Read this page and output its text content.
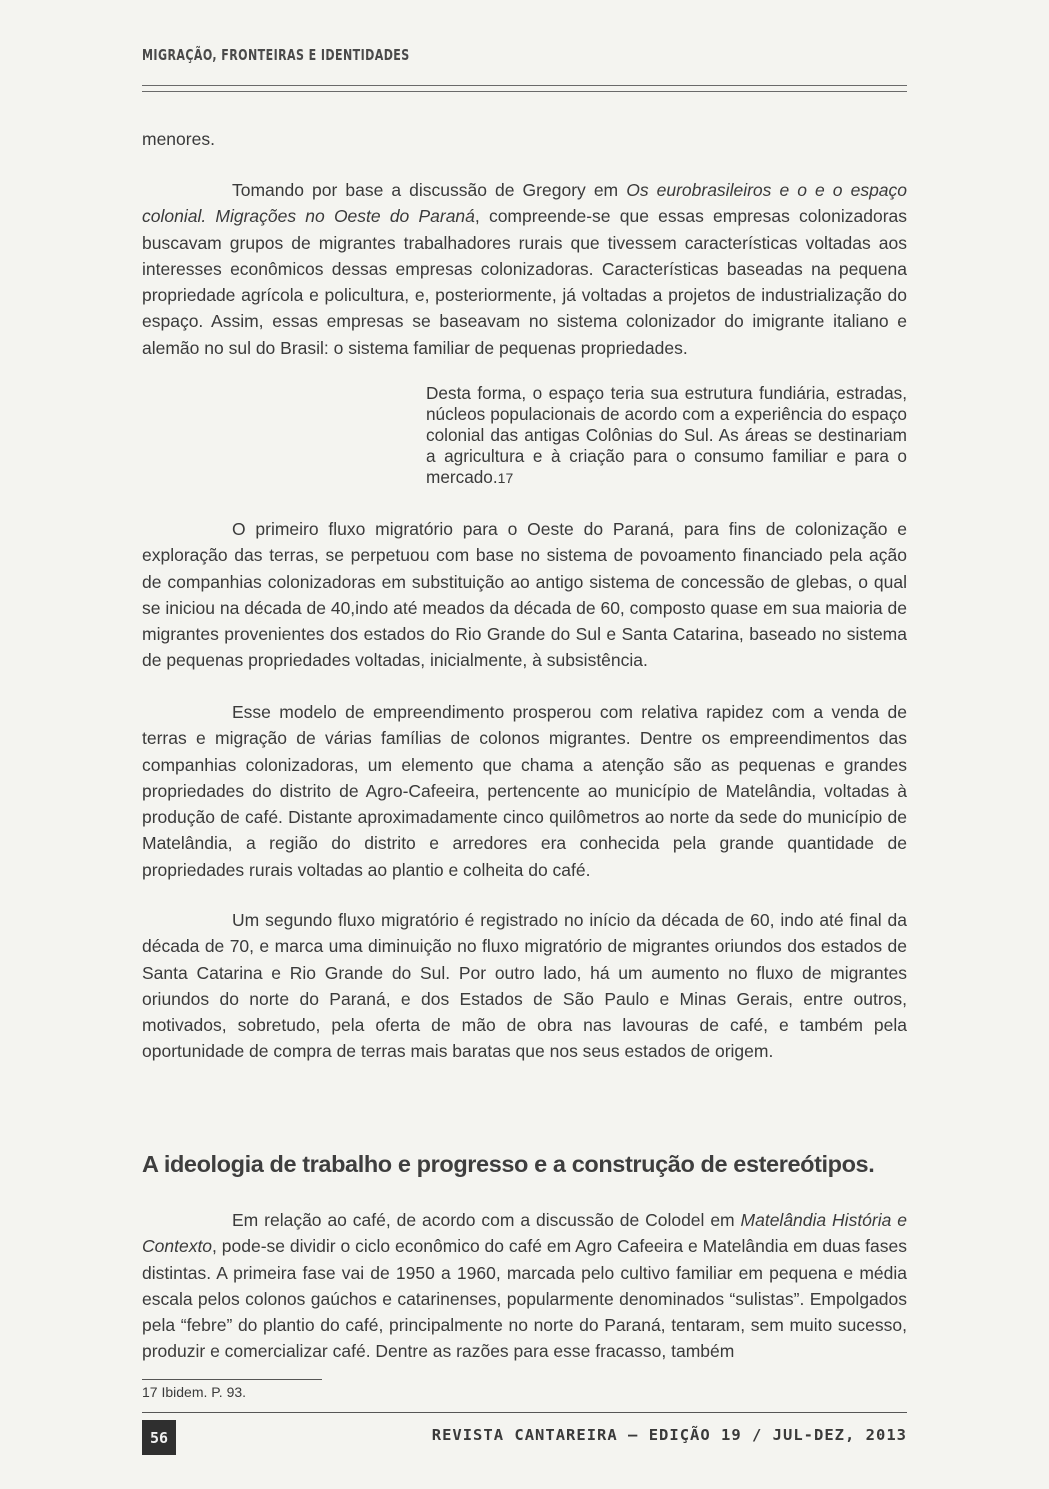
MIGRAÇÃO, FRONTEIRAS E IDENTIDADES

menores.

Tomando por base a discussão de Gregory em Os eurobrasileiros e o e o espaço colonial. Migrações no Oeste do Paraná, compreende-se que essas empresas colonizadoras buscavam grupos de migrantes trabalhadores rurais que tivessem características voltadas aos interesses econômicos dessas empresas colonizadoras. Características baseadas na pequena propriedade agrícola e policultura, e, posteriormente, já voltadas a projetos de industrialização do espaço. Assim, essas empresas se baseavam no sistema colonizador do imigrante italiano e alemão no sul do Brasil: o sistema familiar de pequenas propriedades.

Desta forma, o espaço teria sua estrutura fundiária, estradas, núcleos populacionais de acordo com a experiência do espaço colonial das antigas Colônias do Sul. As áreas se destinariam a agricultura e à criação para o consumo familiar e para o mercado.17

O primeiro fluxo migratório para o Oeste do Paraná, para fins de colonização e exploração das terras, se perpetuou com base no sistema de povoamento financiado pela ação de companhias colonizadoras em substituição ao antigo sistema de concessão de glebas, o qual se iniciou na década de 40,indo até meados da década de 60, composto quase em sua maioria de migrantes provenientes dos estados do Rio Grande do Sul e Santa Catarina, baseado no sistema de pequenas propriedades voltadas, inicialmente, à subsistência.

Esse modelo de empreendimento prosperou com relativa rapidez com a venda de terras e migração de várias famílias de colonos migrantes. Dentre os empreendimentos das companhias colonizadoras, um elemento que chama a atenção são as pequenas e grandes propriedades do distrito de Agro-Cafeeira, pertencente ao município de Matelândia, voltadas à produção de café. Distante aproximadamente cinco quilômetros ao norte da sede do município de Matelândia, a região do distrito e arredores era conhecida pela grande quantidade de propriedades rurais voltadas ao plantio e colheita do café.

Um segundo fluxo migratório é registrado no início da década de 60, indo até final da década de 70, e marca uma diminuição no fluxo migratório de migrantes oriundos dos estados de Santa Catarina e Rio Grande do Sul. Por outro lado, há um aumento no fluxo de migrantes oriundos do norte do Paraná, e dos Estados de São Paulo e Minas Gerais, entre outros, motivados, sobretudo, pela oferta de mão de obra nas lavouras de café, e também pela oportunidade de compra de terras mais baratas que nos seus estados de origem.

A ideologia de trabalho e progresso e a construção de estereótipos.

Em relação ao café, de acordo com a discussão de Colodel em Matelândia História e Contexto, pode-se dividir o ciclo econômico do café em Agro Cafeeira e Matelândia em duas fases distintas. A primeira fase vai de 1950 a 1960, marcada pelo cultivo familiar em pequena e média escala pelos colonos gaúchos e catarinenses, popularmente denominados “sulistas”. Empolgados pela “febre” do plantio do café, principalmente no norte do Paraná, tentaram, sem muito sucesso, produzir e comercializar café. Dentre as razões para esse fracasso, também

17 Ibidem. P. 93.
56	REVISTA CANTAREIRA – EDIÇÃO 19 / JUL-DEZ, 2013
